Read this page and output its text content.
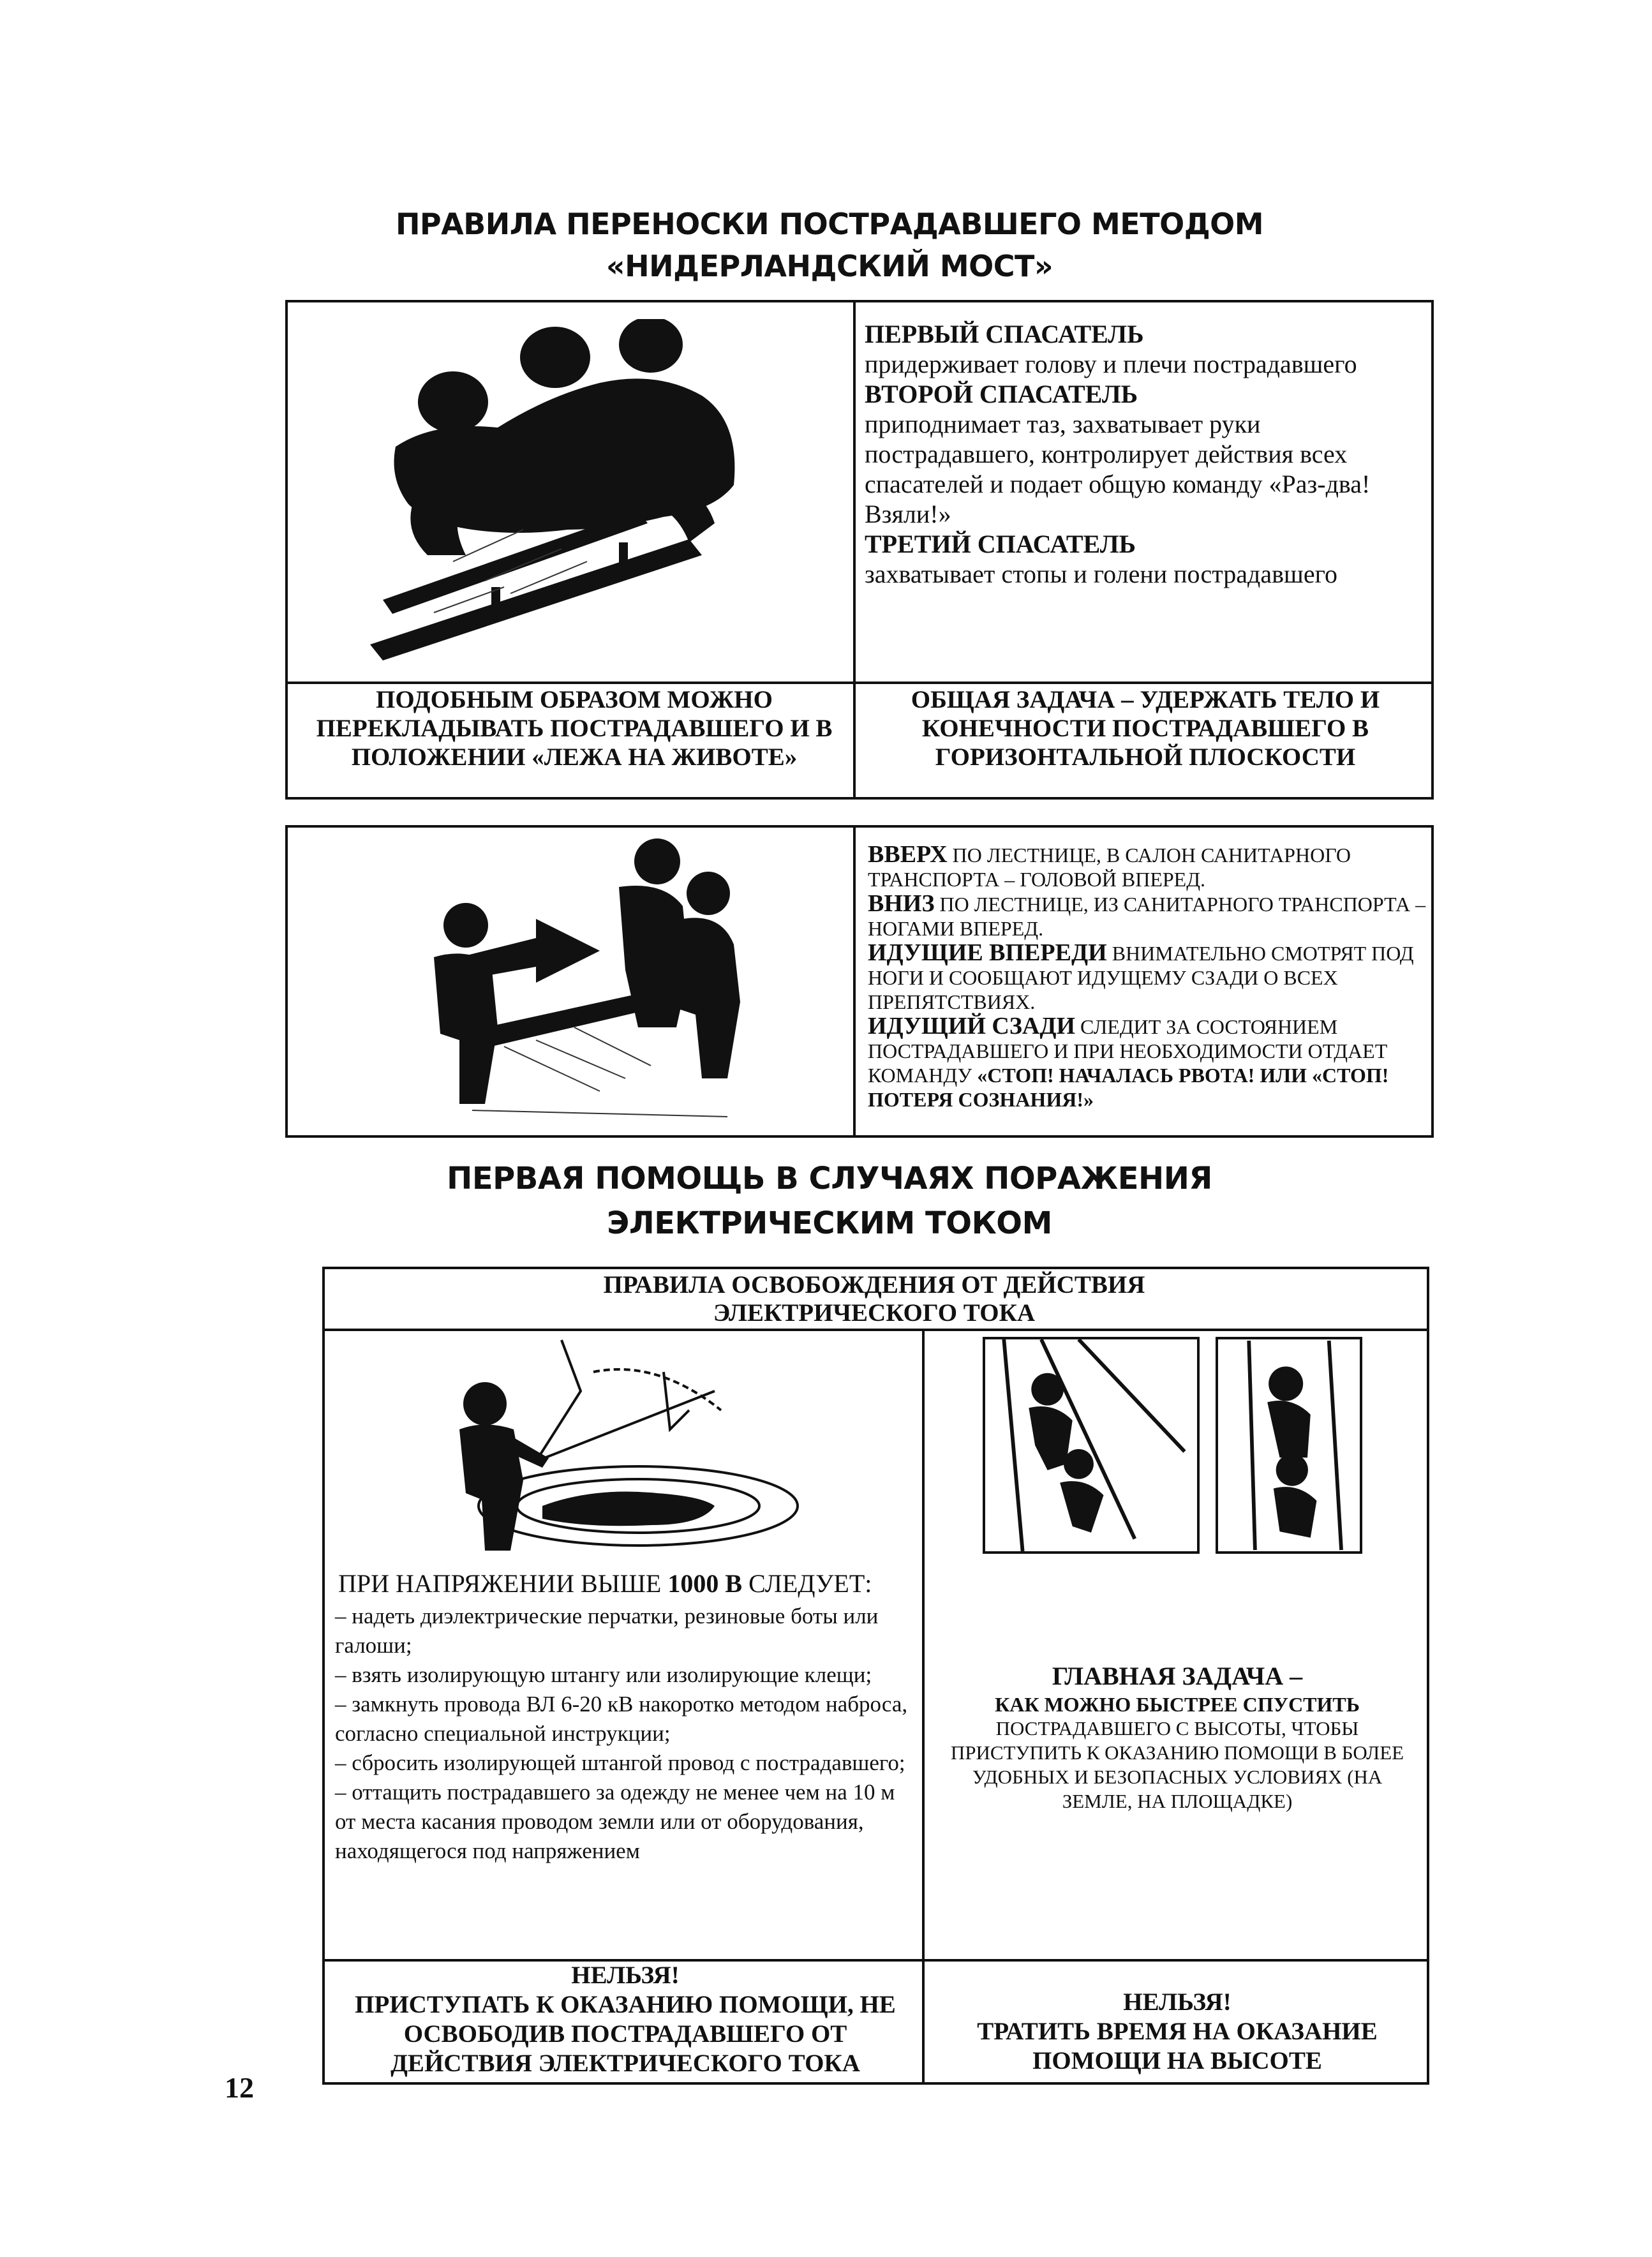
ПРАВИЛА ПЕРЕНОСКИ ПОСТРАДАВШЕГО МЕТОДОМ
«НИДЕРЛАНДСКИЙ МОСТ»
ПЕРВЫЙ СПАСАТЕЛЬ
придерживает голову и плечи пострадавшего
ВТОРОЙ СПАСАТЕЛЬ
приподнимает таз, захватывает руки пострадавшего, контролирует действия всех спасателей и подает общую команду «Раз-два! Взяли!»
ТРЕТИЙ СПАСАТЕЛЬ
захватывает стопы и голени пострадавшего
ПОДОБНЫМ ОБРАЗОМ МОЖНО ПЕРЕКЛАДЫВАТЬ ПОСТРАДАВШЕГО И В ПОЛОЖЕНИИ «ЛЕЖА НА ЖИВОТЕ»
ОБЩАЯ ЗАДАЧА – УДЕРЖАТЬ ТЕЛО И КОНЕЧНОСТИ ПОСТРАДАВШЕГО В ГОРИЗОНТАЛЬНОЙ ПЛОСКОСТИ
ВВЕРХ ПО ЛЕСТНИЦЕ, В САЛОН САНИТАРНОГО ТРАНСПОРТА – ГОЛОВОЙ ВПЕРЕД.
ВНИЗ ПО ЛЕСТНИЦЕ, ИЗ САНИТАРНОГО ТРАНСПОРТА – НОГАМИ ВПЕРЕД.
ИДУЩИЕ ВПЕРЕДИ ВНИМАТЕЛЬНО СМОТРЯТ ПОД НОГИ И СООБЩАЮТ ИДУЩЕМУ СЗАДИ О ВСЕХ ПРЕПЯТСТВИЯХ.
ИДУЩИЙ СЗАДИ СЛЕДИТ ЗА СОСТОЯНИЕМ ПОСТРАДАВШЕГО И ПРИ НЕОБХОДИМОСТИ ОТДАЕТ КОМАНДУ «СТОП! НАЧАЛАСЬ РВОТА! ИЛИ «СТОП! ПОТЕРЯ СОЗНАНИЯ!»
ПЕРВАЯ ПОМОЩЬ В СЛУЧАЯХ ПОРАЖЕНИЯ
ЭЛЕКТРИЧЕСКИМ ТОКОМ
ПРАВИЛА ОСВОБОЖДЕНИЯ ОТ ДЕЙСТВИЯ ЭЛЕКТРИЧЕСКОГО ТОКА
ПРИ НАПРЯЖЕНИИ ВЫШЕ 1000 В СЛЕДУЕТ:
– надеть диэлектрические перчатки, резиновые боты или галоши;
– взять изолирующую штангу или изолирующие клещи;
– замкнуть провода ВЛ 6-20 кВ накоротко методом наброса, согласно специальной инструкции;
– сбросить изолирующей штангой провод с пострадавшего;
– оттащить пострадавшего за одежду не менее чем на 10 м от места касания проводом земли или от оборудования, находящегося под напряжением
ГЛАВНАЯ ЗАДАЧА –
КАК МОЖНО БЫСТРЕЕ СПУСТИТЬ
ПОСТРАДАВШЕГО С ВЫСОТЫ, ЧТОБЫ ПРИСТУПИТЬ К ОКАЗАНИЮ ПОМОЩИ В БОЛЕЕ УДОБНЫХ И БЕЗОПАСНЫХ УСЛОВИЯХ (НА ЗЕМЛЕ, НА ПЛОЩАДКЕ)
НЕЛЬЗЯ!
ПРИСТУПАТЬ К ОКАЗАНИЮ ПОМОЩИ, НЕ ОСВОБОДИВ ПОСТРАДАВШЕГО ОТ ДЕЙСТВИЯ ЭЛЕКТРИЧЕСКОГО ТОКА
НЕЛЬЗЯ!
ТРАТИТЬ ВРЕМЯ НА ОКАЗАНИЕ ПОМОЩИ НА ВЫСОТЕ
12
